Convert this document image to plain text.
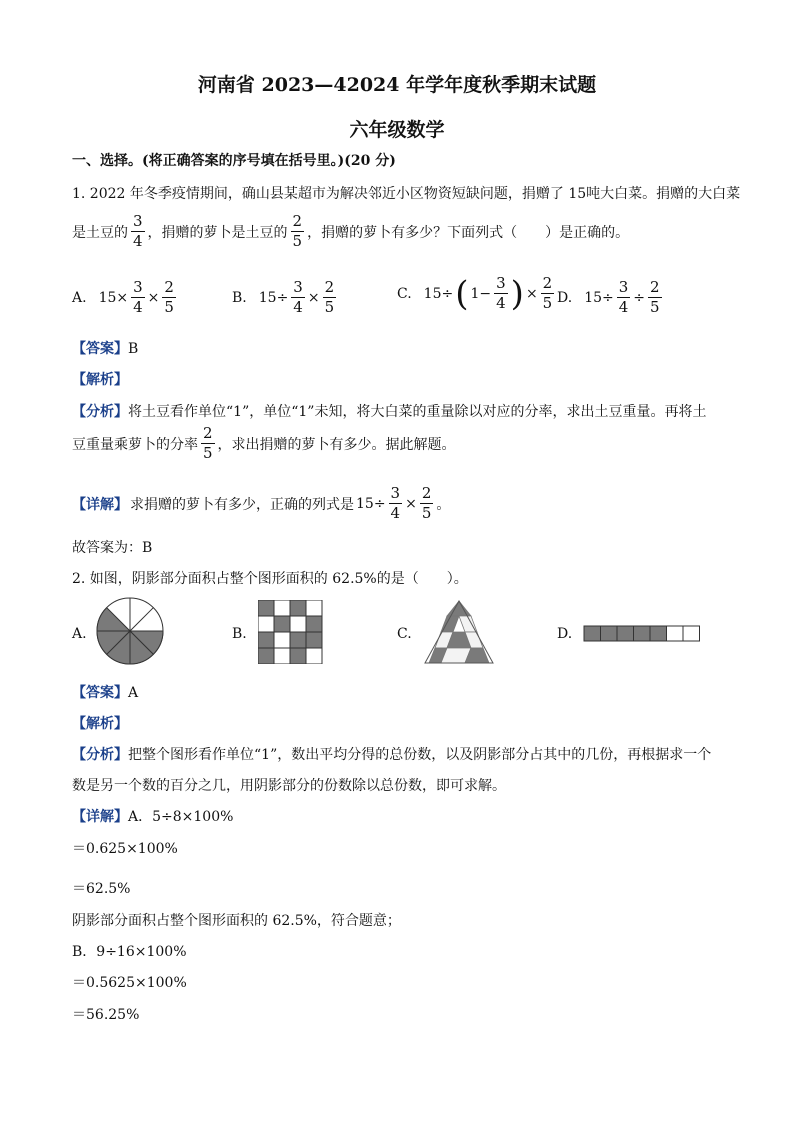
河南省 2023—42024 年学年度秋季期末试题
六年级数学
一、选择。(将正确答案的序号填在括号里。)(20 分)
1. 2022 年冬季疫情期间，确山县某超市为解决邻近小区物资短缺问题，捐赠了 15吨大白菜。捐赠的大白菜
是土豆的 $\frac{3}{4}$ ，捐赠的萝卜是土豆的 $\frac{2}{5}$ ，捐赠的萝卜有多少？下面列式（　　）是正确的。
A. $15\times \frac{3}{4} \times \frac{2}{5}$	B. $15\div \frac{3}{4} \times \frac{2}{5}$	C. 15÷ ( $1- \frac{3}{4}$ ) × $\frac{2}{5} D$. $15\div \frac{3}{4} \div \frac{2}{5}$
【答案】B
【解析】
【分析】将土豆看作单位“1”，单位“1”未知，将大白菜的重量除以对应的分率，求出土豆重量。再将土
豆重量乘萝卜的分率 $\frac{2}{5}$ ，求出捐赠的萝卜有多少。据此解题。
【详解】 求捐赠的萝卜有多少，正确的列式是 $15\div \frac{3}{4} \times \frac{2}{5}$ 。
故答案为：B
2. 如图，阴影部分面积占整个图形面积的 62.5%的是（　　）。
A.	B.	C.	D.
【答案】A
【解析】
【分析】把整个图形看作单位“1”，数出平均分得的总份数，以及阴影部分占其中的几份，再根据求一个
数是另一个数的百分之几，用阴影部分的份数除以总份数，即可求解。
【详解】A．5÷8×100%
＝0.625×100%
＝62.5%
阴影部分面积占整个图形面积的 62.5%，符合题意；
B．9÷16×100%
＝0.5625×100%
＝56.25%
